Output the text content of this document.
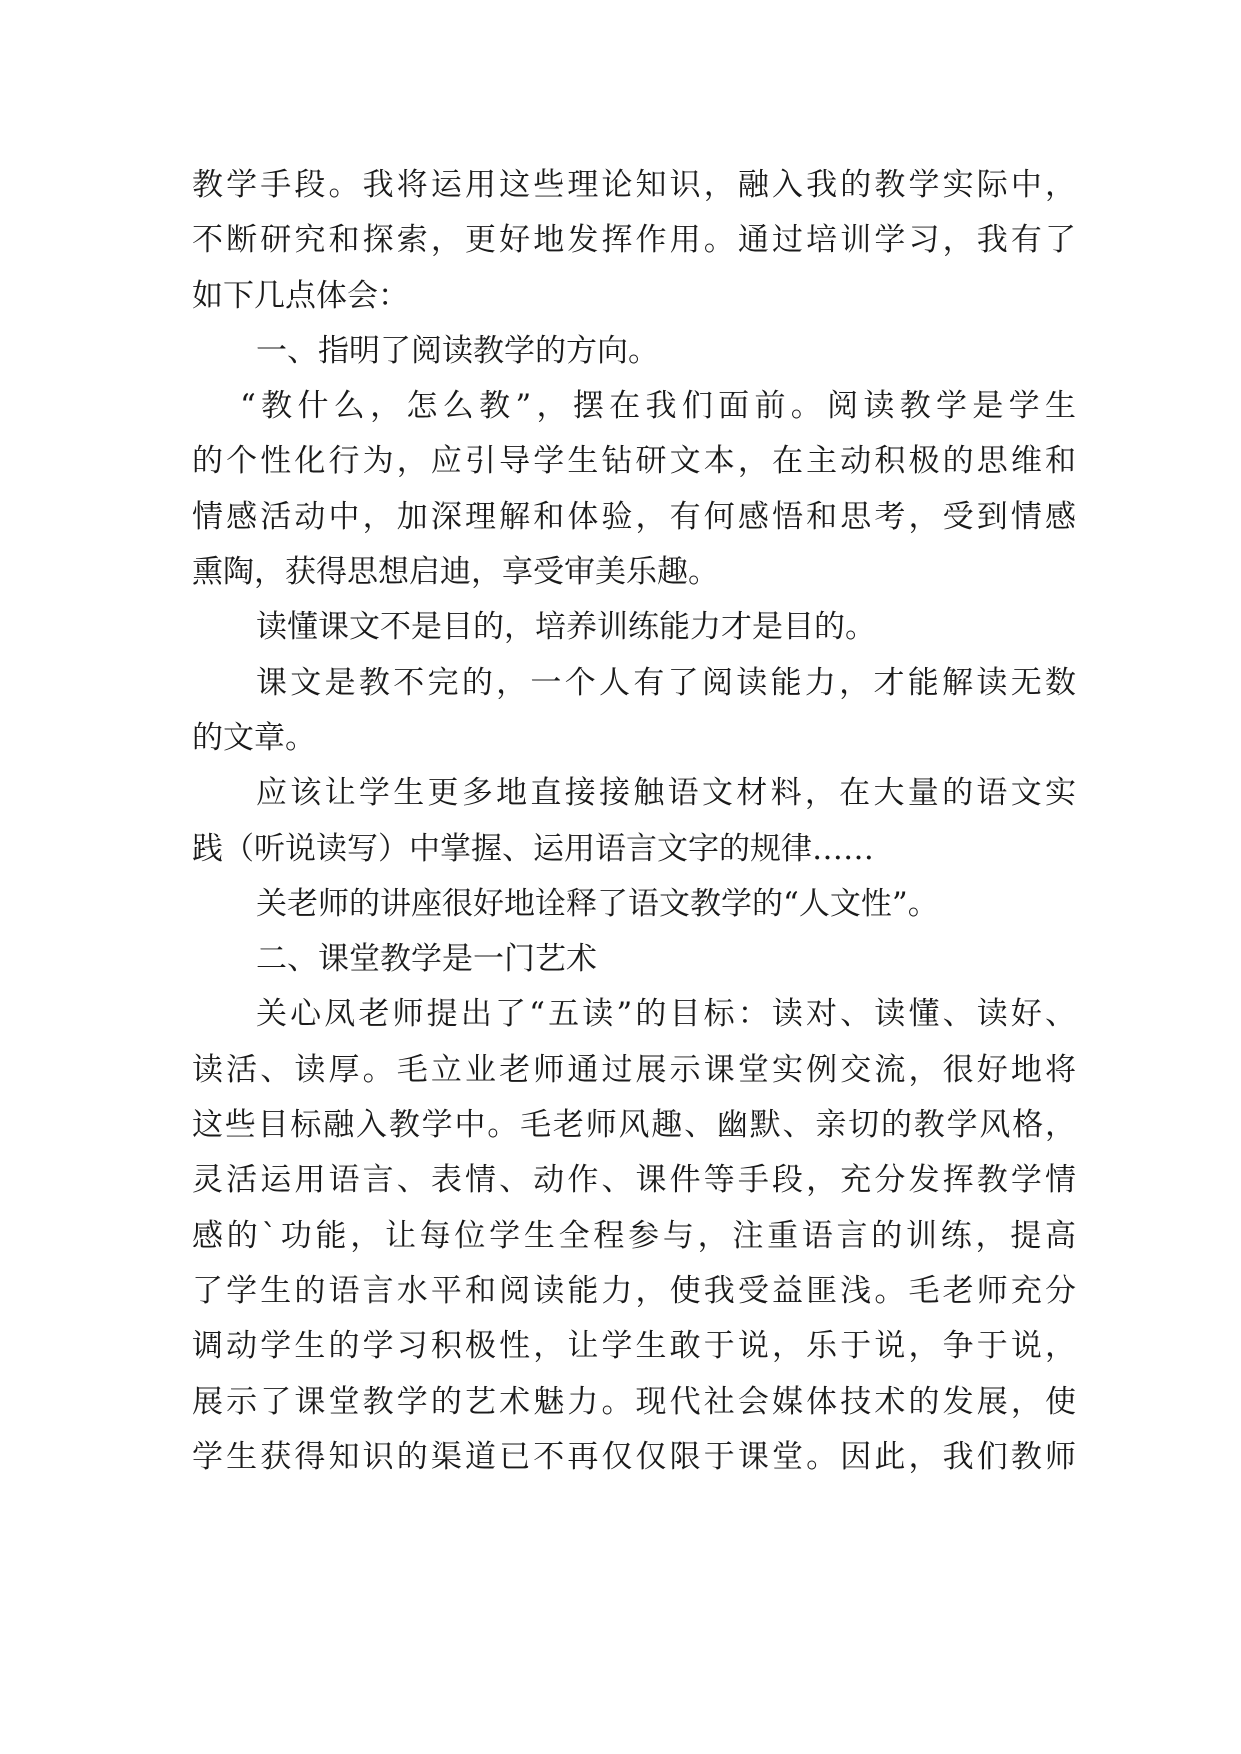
教学手段。我将运用这些理论知识，融入我的教学实际中，
不断研究和探索，更好地发挥作用。通过培训学习，我有了
如下几点体会：
一、指明了阅读教学的方向。
“教什么，怎么教”，摆在我们面前。阅读教学是学生
的个性化行为，应引导学生钻研文本，在主动积极的思维和
情感活动中，加深理解和体验，有何感悟和思考，受到情感
熏陶，获得思想启迪，享受审美乐趣。
读懂课文不是目的，培养训练能力才是目的。
课文是教不完的，一个人有了阅读能力，才能解读无数
的文章。
应该让学生更多地直接接触语文材料，在大量的语文实
践（听说读写）中掌握、运用语言文字的规律……
关老师的讲座很好地诠释了语文教学的“人文性”。
二、课堂教学是一门艺术
关心凤老师提出了“五读”的目标：读对、读懂、读好、
读活、读厚。毛立业老师通过展示课堂实例交流，很好地将
这些目标融入教学中。毛老师风趣、幽默、亲切的教学风格，
灵活运用语言、表情、动作、课件等手段，充分发挥教学情
感的`功能，让每位学生全程参与，注重语言的训练，提高
了学生的语言水平和阅读能力，使我受益匪浅。毛老师充分
调动学生的学习积极性，让学生敢于说，乐于说，争于说，
展示了课堂教学的艺术魅力。现代社会媒体技术的发展，使
学生获得知识的渠道已不再仅仅限于课堂。因此，我们教师
